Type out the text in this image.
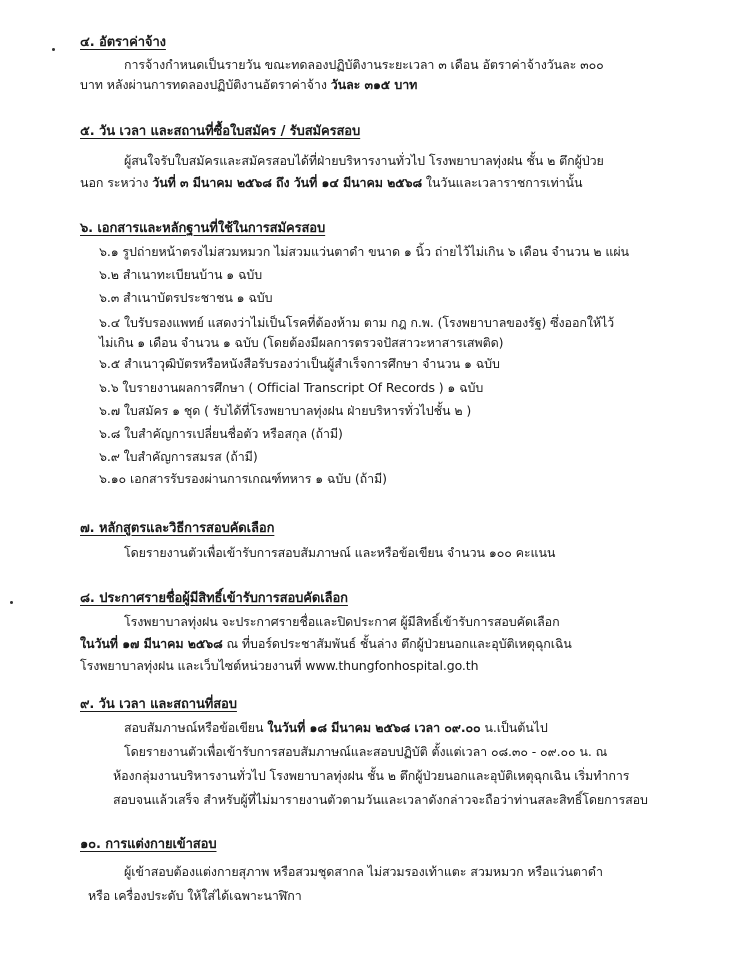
๔. อัตราค่าจ้าง
การจ้างกำหนดเป็นรายวัน ขณะทดลองปฏิบัติงานระยะเวลา ๓ เดือน อัตราค่าจ้างวันละ ๓๐๐
บาท หลังผ่านการทดลองปฏิบัติงานอัตราค่าจ้าง วันละ ๓๑๕ บาท
๕. วัน เวลา และสถานที่ซื้อใบสมัคร / รับสมัครสอบ
ผู้สนใจรับใบสมัครและสมัครสอบได้ที่ฝ่ายบริหารงานทั่วไป โรงพยาบาลทุ่งฝน ชั้น ๒ ตึกผู้ป่วย
นอก ระหว่าง วันที่ ๓ มีนาคม ๒๕๖๘ ถึง วันที่ ๑๔ มีนาคม ๒๕๖๘ ในวันและเวลาราชการเท่านั้น
๖. เอกสารและหลักฐานที่ใช้ในการสมัครสอบ
๖.๑ รูปถ่ายหน้าตรงไม่สวมหมวก ไม่สวมแว่นตาดำ ขนาด ๑ นิ้ว ถ่ายไว้ไม่เกิน ๖ เดือน จำนวน ๒ แผ่น
๖.๒ สำเนาทะเบียนบ้าน ๑ ฉบับ
๖.๓ สำเนาบัตรประชาชน ๑ ฉบับ
๖.๔ ใบรับรองแพทย์ แสดงว่าไม่เป็นโรคที่ต้องห้าม ตาม กฎ ก.พ. (โรงพยาบาลของรัฐ) ซึ่งออกให้ไว้
ไม่เกิน ๑ เดือน จำนวน ๑ ฉบับ (โดยต้องมีผลการตรวจปัสสาวะหาสารเสพติด)
๖.๕ สำเนาวุฒิบัตรหรือหนังสือรับรองว่าเป็นผู้สำเร็จการศึกษา จำนวน ๑ ฉบับ
๖.๖ ใบรายงานผลการศึกษา ( Official Transcript Of Records ) ๑ ฉบับ
๖.๗ ใบสมัคร ๑ ชุด ( รับได้ที่โรงพยาบาลทุ่งฝน ฝ่ายบริหารทั่วไปชั้น ๒ )
๖.๘ ใบสำคัญการเปลี่ยนชื่อตัว หรือสกุล (ถ้ามี)
๖.๙ ใบสำคัญการสมรส (ถ้ามี)
๖.๑๐ เอกสารรับรองผ่านการเกณฑ์ทหาร ๑ ฉบับ (ถ้ามี)
๗. หลักสูตรและวิธีการสอบคัดเลือก
โดยรายงานตัวเพื่อเข้ารับการสอบสัมภาษณ์ และหรือข้อเขียน จำนวน ๑๐๐ คะแนน
๘. ประกาศรายชื่อผู้มีสิทธิ์เข้ารับการสอบคัดเลือก
โรงพยาบาลทุ่งฝน จะประกาศรายชื่อและปิดประกาศ ผู้มีสิทธิ์เข้ารับการสอบคัดเลือก
ในวันที่ ๑๗ มีนาคม ๒๕๖๘ ณ ที่บอร์ดประชาสัมพันธ์ ชั้นล่าง ตึกผู้ป่วยนอกและอุบัติเหตุฉุกเฉิน
โรงพยาบาลทุ่งฝน และเว็บไซต์หน่วยงานที่ www.thungfonhospital.go.th
๙. วัน เวลา และสถานที่สอบ
สอบสัมภาษณ์หรือข้อเขียน ในวันที่ ๑๘ มีนาคม ๒๕๖๘ เวลา ๐๙.๐๐ น.เป็นต้นไป
โดยรายงานตัวเพื่อเข้ารับการสอบสัมภาษณ์และสอบปฏิบัติ ตั้งแต่เวลา ๐๘.๓๐ - ๐๙.๐๐ น. ณ
ห้องกลุ่มงานบริหารงานทั่วไป โรงพยาบาลทุ่งฝน ชั้น ๒ ตึกผู้ป่วยนอกและอุบัติเหตุฉุกเฉิน เริ่มทำการ
สอบจนแล้วเสร็จ สำหรับผู้ที่ไม่มารายงานตัวตามวันและเวลาดังกล่าวจะถือว่าท่านสละสิทธิ์โดยการสอบ
๑๐. การแต่งกายเข้าสอบ
ผู้เข้าสอบต้องแต่งกายสุภาพ หรือสวมชุดสากล ไม่สวมรองเท้าแตะ สวมหมวก หรือแว่นตาดำ
หรือ เครื่องประดับ ให้ใส่ได้เฉพาะนาฬิกา
